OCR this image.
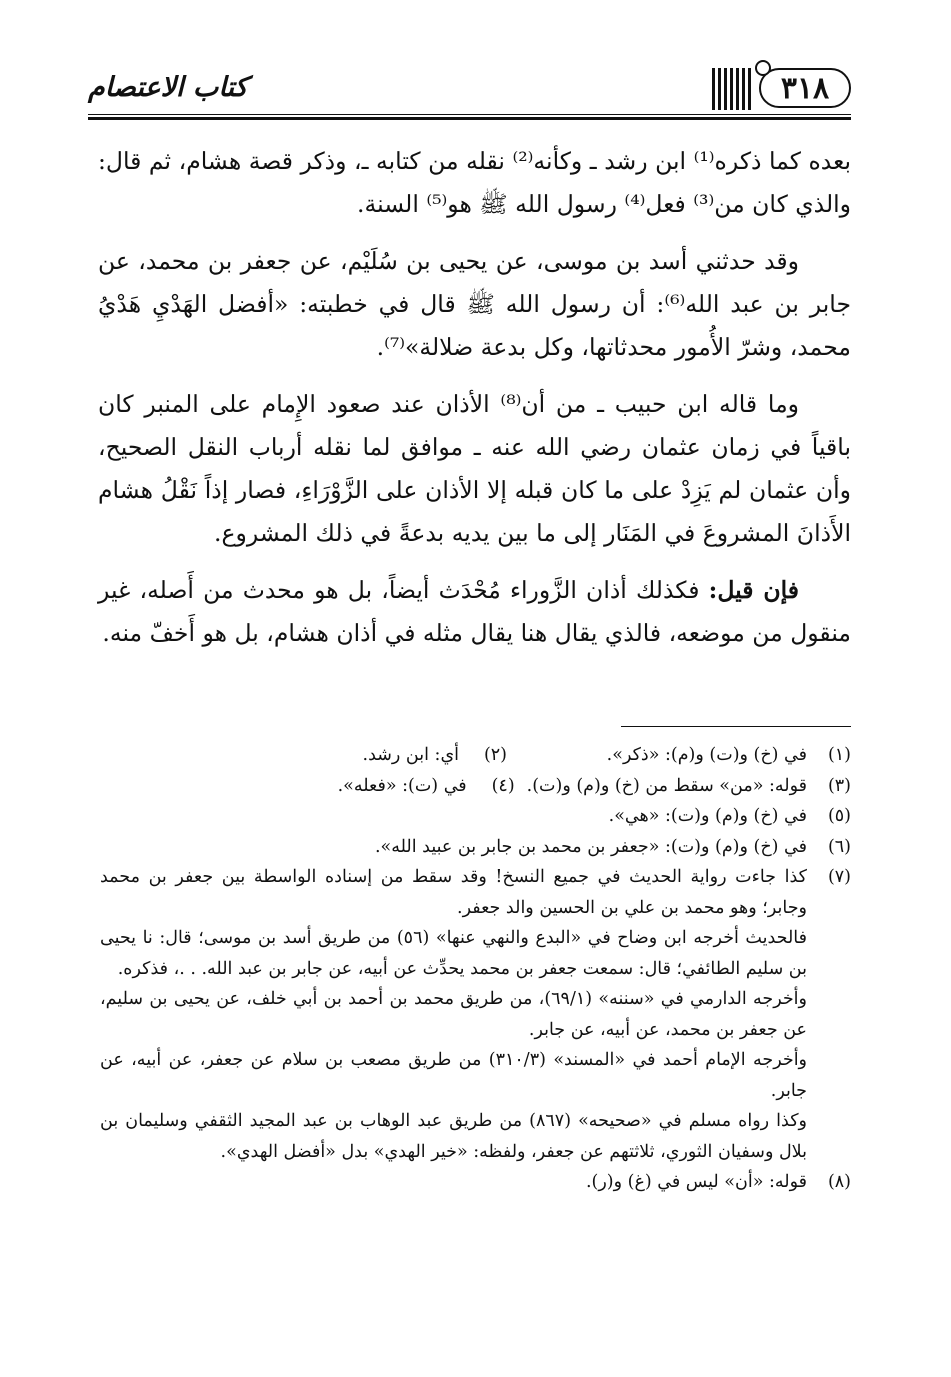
٣١٨
كتاب الاعتصام

بعده كما ذكره⁽¹⁾ ابن رشد ـ وكأنه⁽²⁾ نقله من كتابه ـ، وذكر قصة هشام، ثم قال: والذي كان من⁽³⁾ فعل⁽⁴⁾ رسول الله ﷺ هو⁽⁵⁾ السنة.

وقد حدثني أسد بن موسى، عن يحيى بن سُلَيْم، عن جعفر بن محمد، عن جابر بن عبد الله⁽⁶⁾: أن رسول الله ﷺ قال في خطبته: «أفضل الهَدْيِ هَدْيُ محمد، وشرّ الأُمور محدثاتها، وكل بدعة ضلالة»⁽⁷⁾.

وما قاله ابن حبيب ـ من أن⁽⁸⁾ الأذان عند صعود الإِمام على المنبر كان باقياً في زمان عثمان رضي الله عنه ـ موافق لما نقله أرباب النقل الصحيح، وأن عثمان لم يَزِدْ على ما كان قبله إلا الأذان على الزَّوْرَاءِ، فصار إذاً نَقْلُ هشام الأَذانَ المشروعَ في المَنَار إلى ما بين يديه بدعةً في ذلك المشروع.

فإن قيل: فكذلك أذان الزَّوراء مُحْدَث أيضاً، بل هو محدث من أَصله، غير منقول من موضعه، فالذي يقال هنا يقال مثله في أذان هشام، بل هو أَخفّ منه.

(١)
في (خ) و(ت) و(م): «ذكر».
(٢)
أي: ابن رشد.
(٣)
قوله: «من» سقط من (خ) و(م) و(ت).
(٤)
في (ت): «فعله».
(٥)
في (خ) و(م) و(ت): «هي».
(٦)
في (خ) و(م) و(ت): «جعفر بن محمد بن جابر بن عبيد الله».
(٧)
كذا جاءت رواية الحديث في جميع النسخ! وقد سقط من إسناده الواسطة بين جعفر بن محمد وجابر؛ وهو محمد بن علي بن الحسين والد جعفر.
فالحديث أخرجه ابن وضاح في «البدع والنهي عنها» (٥٦) من طريق أسد بن موسى؛ قال: نا يحيى بن سليم الطائفي؛ قال: سمعت جعفر بن محمد يحدِّث عن أبيه، عن جابر بن عبد الله. . .، فذكره.
وأخرجه الدارمي في «سننه» (٦٩/١)، من طريق محمد بن أحمد بن أبي خلف، عن يحيى بن سليم، عن جعفر بن محمد، عن أبيه، عن جابر.
وأخرجه الإمام أحمد في «المسند» (٣١٠/٣) من طريق مصعب بن سلام عن جعفر، عن أبيه، عن جابر.
وكذا رواه مسلم في «صحيحه» (٨٦٧) من طريق عبد الوهاب بن عبد المجيد الثقفي وسليمان بن بلال وسفيان الثوري، ثلاثتهم عن جعفر، ولفظه: «خير الهدي» بدل «أفضل الهدي».
(٨)
قوله: «أن» ليس في (غ) و(ر).
